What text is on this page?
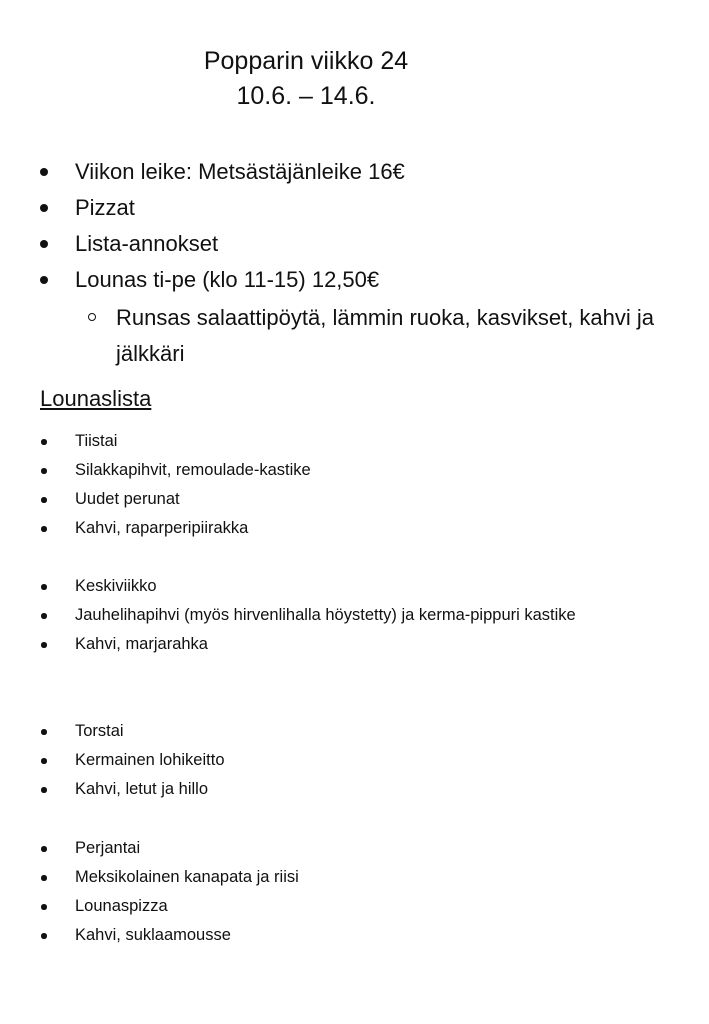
Popparin viikko 24
10.6. – 14.6.
Viikon leike: Metsästäjänleike 16€
Pizzat
Lista-annokset
Lounas ti-pe (klo 11-15) 12,50€
Runsas salaattipöytä, lämmin ruoka, kasvikset, kahvi ja jälkkäri
Lounaslista
Tiistai
Silakkapihvit, remoulade-kastike
Uudet perunat
Kahvi, raparperipiirakka
Keskiviikko
Jauhelihapihvi (myös hirvenlihalla höystetty) ja kerma-pippuri kastike
Kahvi, marjarahka
Torstai
Kermainen lohikeitto
Kahvi, letut ja hillo
Perjantai
Meksikolainen kanapata ja riisi
Lounaspizza
Kahvi, suklaamousse
